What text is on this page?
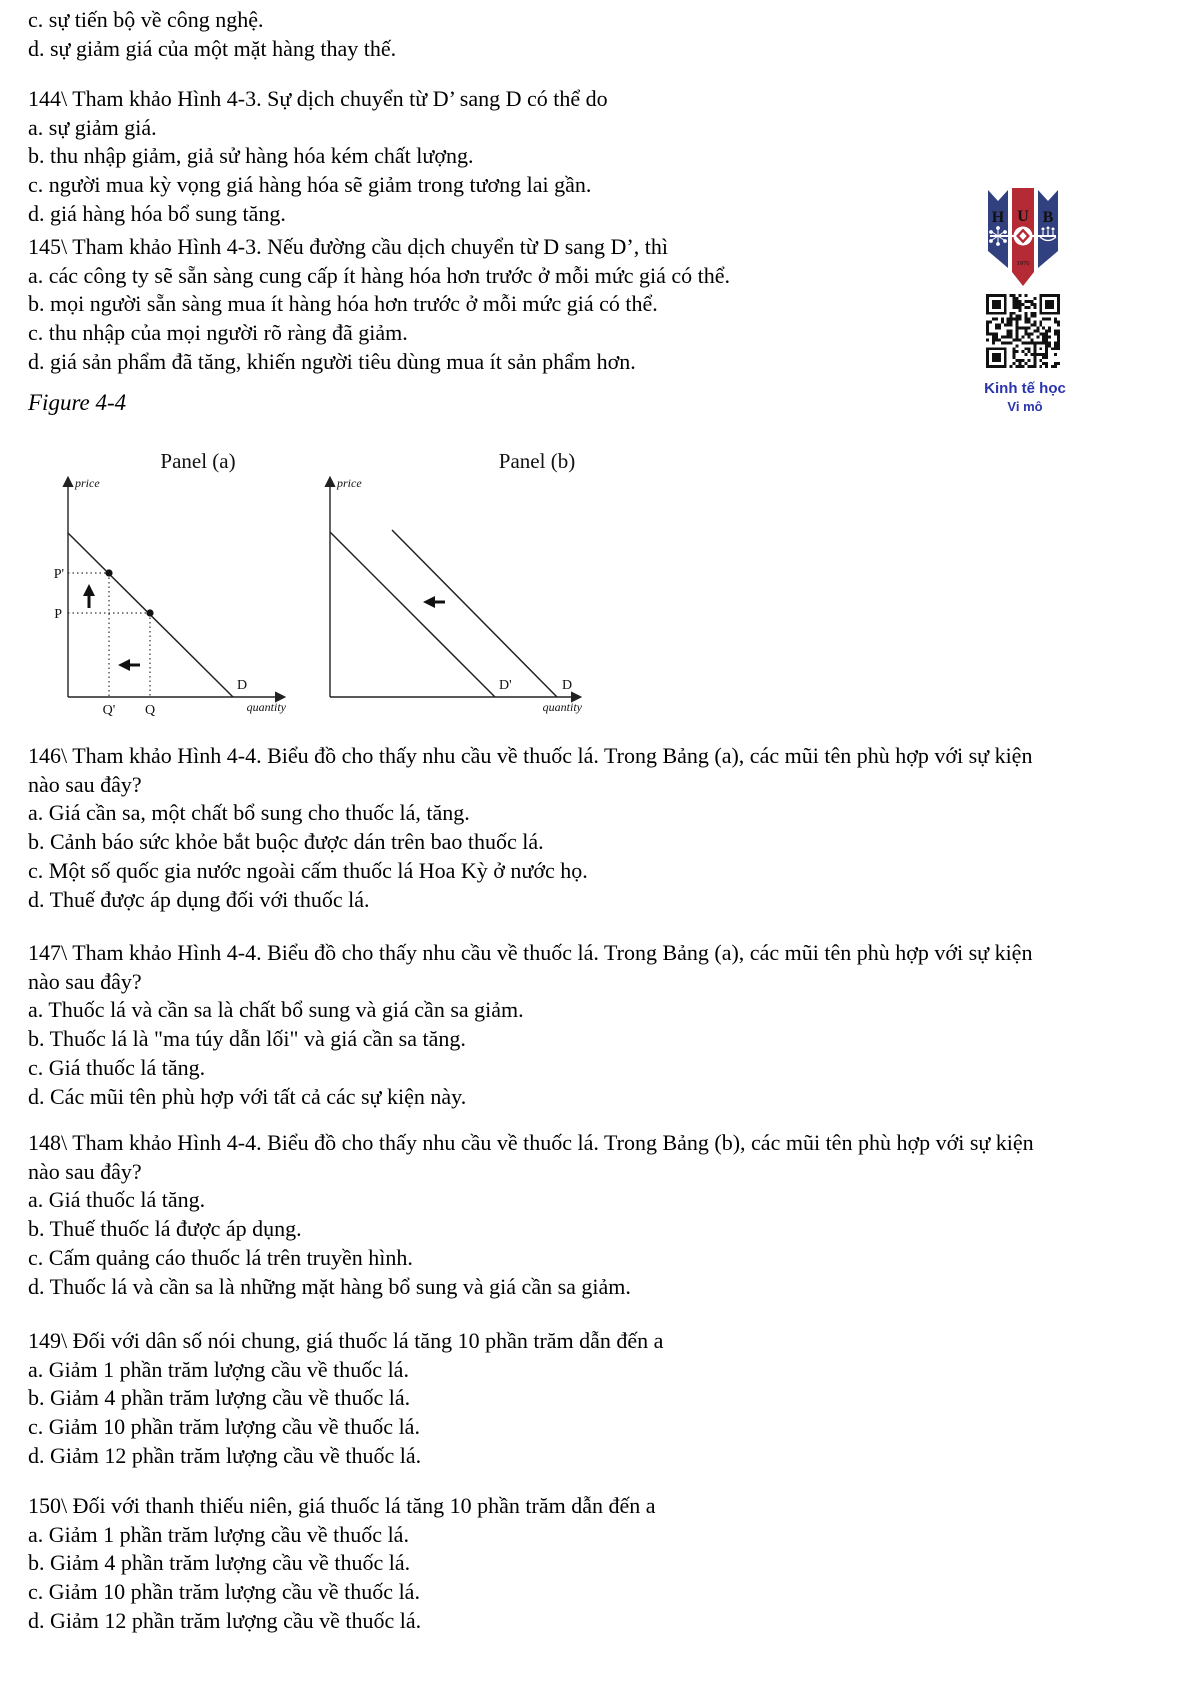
c. sự tiến bộ về công nghệ.
d. sự giảm giá của một mặt hàng thay thế.
144\ Tham khảo Hình 4-3. Sự dịch chuyển từ D’ sang D có thể do
a. sự giảm giá.
b. thu nhập giảm, giả sử hàng hóa kém chất lượng.
c. người mua kỳ vọng giá hàng hóa sẽ giảm trong tương lai gần.
d. giá hàng hóa bổ sung tăng.
145\ Tham khảo Hình 4-3. Nếu đường cầu dịch chuyển từ D sang D’, thì
a. các công ty sẽ sẵn sàng cung cấp ít hàng hóa hơn trước ở mỗi mức giá có thể.
b. mọi người sẵn sàng mua ít hàng hóa hơn trước ở mỗi mức giá có thể.
c. thu nhập của mọi người rõ ràng đã giảm.
d. giá sản phẩm đã tăng, khiến người tiêu dùng mua ít sản phẩm hơn.
Figure 4-4
Panel (a)
price
quantity
D
P'
P
Q' Q
Panel (b)
price
quantity
D'	D
146\ Tham khảo Hình 4-4. Biểu đồ cho thấy nhu cầu về thuốc lá. Trong Bảng (a), các mũi tên phù hợp với sự kiện
nào sau đây?
a. Giá cần sa, một chất bổ sung cho thuốc lá, tăng.
b. Cảnh báo sức khỏe bắt buộc được dán trên bao thuốc lá.
c. Một số quốc gia nước ngoài cấm thuốc lá Hoa Kỳ ở nước họ.
d. Thuế được áp dụng đối với thuốc lá.
147\ Tham khảo Hình 4-4. Biểu đồ cho thấy nhu cầu về thuốc lá. Trong Bảng (a), các mũi tên phù hợp với sự kiện
nào sau đây?
a. Thuốc lá và cần sa là chất bổ sung và giá cần sa giảm.
b. Thuốc lá là "ma túy dẫn lối" và giá cần sa tăng.
c. Giá thuốc lá tăng.
d. Các mũi tên phù hợp với tất cả các sự kiện này.
148\ Tham khảo Hình 4-4. Biểu đồ cho thấy nhu cầu về thuốc lá. Trong Bảng (b), các mũi tên phù hợp với sự kiện
nào sau đây?
a. Giá thuốc lá tăng.
b. Thuế thuốc lá được áp dụng.
c. Cấm quảng cáo thuốc lá trên truyền hình.
d. Thuốc lá và cần sa là những mặt hàng bổ sung và giá cần sa giảm.
149\ Đối với dân số nói chung, giá thuốc lá tăng 10 phần trăm dẫn đến a
a. Giảm 1 phần trăm lượng cầu về thuốc lá.
b. Giảm 4 phần trăm lượng cầu về thuốc lá.
c. Giảm 10 phần trăm lượng cầu về thuốc lá.
d. Giảm 12 phần trăm lượng cầu về thuốc lá.
150\ Đối với thanh thiếu niên, giá thuốc lá tăng 10 phần trăm dẫn đến a
a. Giảm 1 phần trăm lượng cầu về thuốc lá.
b. Giảm 4 phần trăm lượng cầu về thuốc lá.
c. Giảm 10 phần trăm lượng cầu về thuốc lá.
d. Giảm 12 phần trăm lượng cầu về thuốc lá.
H U B
1976
Kinh tế học
Vi mô
